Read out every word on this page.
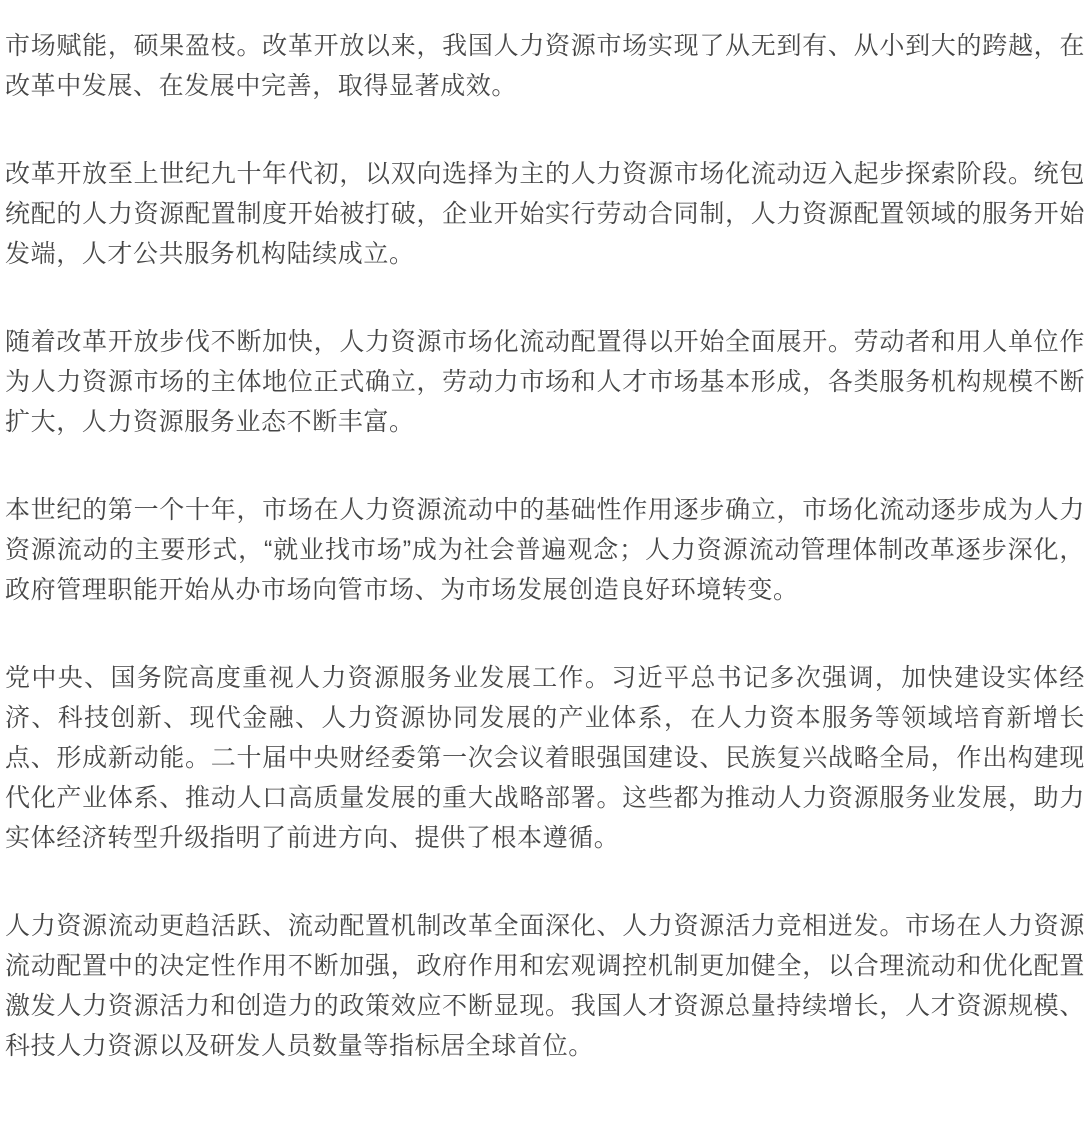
市场赋能，硕果盈枝。改革开放以来，我国人力资源市场实现了从无到有、从小到大的跨越，在改革中发展、在发展中完善，取得显著成效。

改革开放至上世纪九十年代初，以双向选择为主的人力资源市场化流动迈入起步探索阶段。统包统配的人力资源配置制度开始被打破，企业开始实行劳动合同制，人力资源配置领域的服务开始发端，人才公共服务机构陆续成立。

随着改革开放步伐不断加快，人力资源市场化流动配置得以开始全面展开。劳动者和用人单位作为人力资源市场的主体地位正式确立，劳动力市场和人才市场基本形成，各类服务机构规模不断扩大，人力资源服务业态不断丰富。

本世纪的第一个十年，市场在人力资源流动中的基础性作用逐步确立，市场化流动逐步成为人力资源流动的主要形式，“就业找市场”成为社会普遍观念；人力资源流动管理体制改革逐步深化，政府管理职能开始从办市场向管市场、为市场发展创造良好环境转变。

党中央、国务院高度重视人力资源服务业发展工作。习近平总书记多次强调，加快建设实体经济、科技创新、现代金融、人力资源协同发展的产业体系，在人力资本服务等领域培育新增长点、形成新动能。二十届中央财经委第一次会议着眼强国建设、民族复兴战略全局，作出构建现代化产业体系、推动人口高质量发展的重大战略部署。这些都为推动人力资源服务业发展，助力实体经济转型升级指明了前进方向、提供了根本遵循。

人力资源流动更趋活跃、流动配置机制改革全面深化、人力资源活力竞相迸发。市场在人力资源流动配置中的决定性作用不断加强，政府作用和宏观调控机制更加健全，以合理流动和优化配置激发人力资源活力和创造力的政策效应不断显现。我国人才资源总量持续增长，人才资源规模、科技人力资源以及研发人员数量等指标居全球首位。
